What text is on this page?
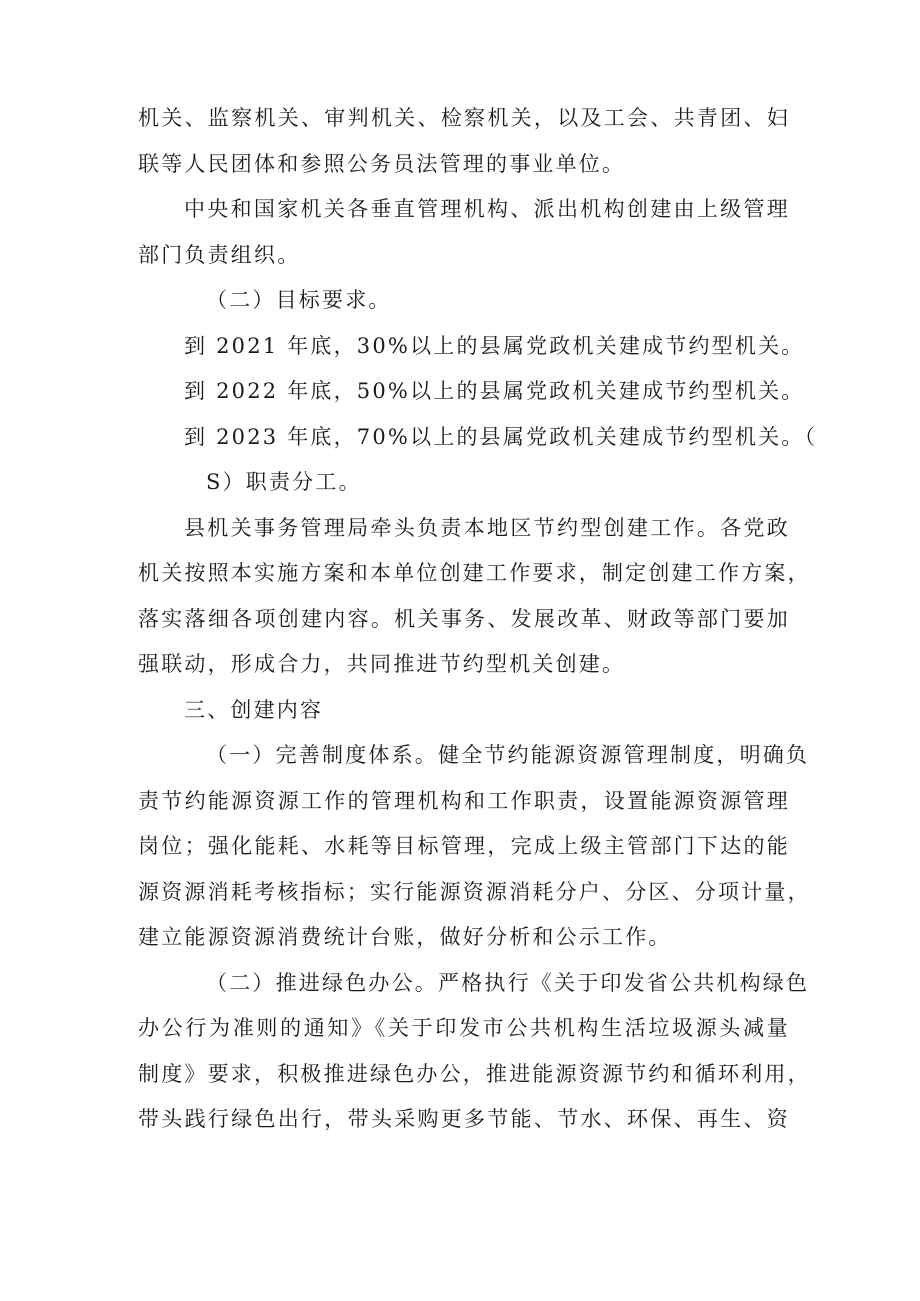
机关、监察机关、审判机关、检察机关，以及工会、共青团、妇
联等人民团体和参照公务员法管理的事业单位。
中央和国家机关各垂直管理机构、派出机构创建由上级管理
部门负责组织。
（二）目标要求。
到 2021 年底，30%以上的县属党政机关建成节约型机关。
到 2022 年底，50%以上的县属党政机关建成节约型机关。
到 2023 年底，70%以上的县属党政机关建成节约型机关。（
S）职责分工。
县机关事务管理局牵头负责本地区节约型创建工作。各党政
机关按照本实施方案和本单位创建工作要求，制定创建工作方案，
落实落细各项创建内容。机关事务、发展改革、财政等部门要加
强联动，形成合力，共同推进节约型机关创建。
三、创建内容
（一）完善制度体系。健全节约能源资源管理制度，明确负
责节约能源资源工作的管理机构和工作职责，设置能源资源管理
岗位；强化能耗、水耗等目标管理，完成上级主管部门下达的能
源资源消耗考核指标；实行能源资源消耗分户、分区、分项计量，
建立能源资源消费统计台账，做好分析和公示工作。
（二）推进绿色办公。严格执行《关于印发省公共机构绿色
办公行为准则的通知》《关于印发市公共机构生活垃圾源头减量
制度》要求，积极推进绿色办公，推进能源资源节约和循环利用，
带头践行绿色出行，带头采购更多节能、节水、环保、再生、资
